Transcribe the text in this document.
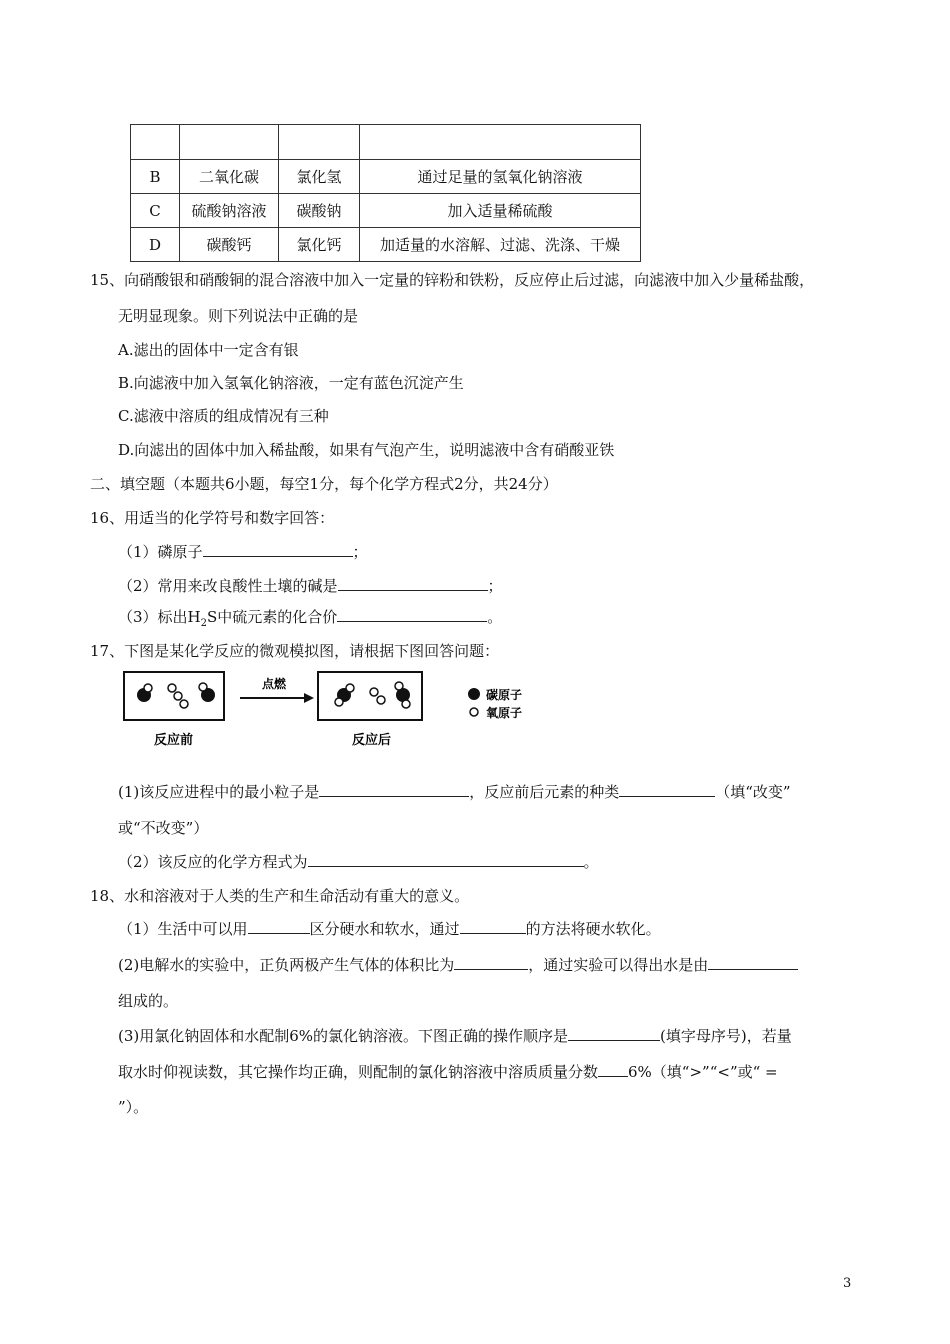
B	二氧化碳	氯化氢	通过足量的氢氧化钠溶液
C	硫酸钠溶液	碳酸钠	加入适量稀硫酸
D	碳酸钙	氯化钙	加适量的水溶解、过滤、洗涤、干燥
15、向硝酸银和硝酸铜的混合溶液中加入一定量的锌粉和铁粉，反应停止后过滤，向滤液中加入少量稀盐酸，
无明显现象。则下列说法中正确的是
A.滤出的固体中一定含有银
B.向滤液中加入氢氧化钠溶液，一定有蓝色沉淀产生
C.滤液中溶质的组成情况有三种
D.向滤出的固体中加入稀盐酸，如果有气泡产生，说明滤液中含有硝酸亚铁
二、填空题（本题共6小题，每空1分，每个化学方程式2分，共24分）
16、用适当的化学符号和数字回答：
（1）磷原子	；
（2）常用来改良酸性土壤的碱是	；
（3）标出$H_2S$中硫元素的化合价	。
17、下图是某化学反应的微观模拟图，请根据下图回答问题：
反应前
点燃
反应后
碳原子
氧原子
(1)该反应进程中的最小粒子是	，反应前后元素的种类	（填“改变”
或“不改变”）
（2）该反应的化学方程式为	。
18、水和溶液对于人类的生产和生命活动有重大的意义。
（1）生活中可以用	区分硬水和软水，通过	的方法将硬水软化。
(2)电解水的实验中，正负两极产生气体的体积比为	，通过实验可以得出水是由
组成的。
(3)用氯化钠固体和水配制6%的氯化钠溶液。下图正确的操作顺序是	(填字母序号)，若量
取水时仰视读数，其它操作均正确，则配制的氯化钠溶液中溶质质量分数 6%（填“>”“<”或“ =
”）。
3
